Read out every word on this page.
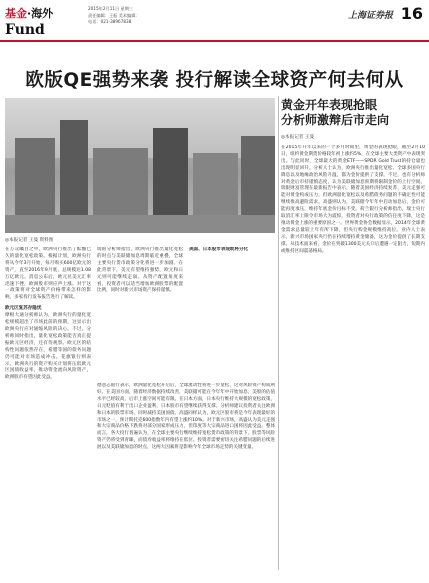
基金·海外
Fund
2015年2月11日 星期三
责任编辑：王振 美术编辑：
电话：021-38967838
上海证券报 16
欧版QE强势来袭 投行解读全球资产何去何从
◎本报记者 王曼 资料图

在万众瞩目之中，欧洲央行推出了酝酿已久的量化宽松政策。根据计划，欧洲央行将从今年3月开始，每月购买600亿欧元的资产，直至2016年9月底，总规模达1.08万亿欧元。消息公布后，欧元兑美元汇率迅速下挫，欧洲股市则应声上涨。对于这一政策将对全球资产价格带来怎样的影响，多家投行发布报告进行了解读。

欧元区复苏存隐忧

摩根大通分析师认为，欧洲央行的量化宽松规模超出了市场此前的预期，这显示出欧洲央行应对通缩风险的决心。不过，分析师同时指出，量化宽松政策能否真正提振欧元区经济，还有待观察。欧元区的结构性问题依然存在，希腊等国的债务问题仍可能对市场造成冲击。花旗银行则表示，欧洲央行的资产购买计划将压低欧元区国债收益率，推动资金流向风险资产，欧洲股市有望因此受益。

瑞银分析师指出，欧洲央行推出量化宽松的时点与美联储加息周期临近重叠，全球主要央行货币政策分化将进一步加剧。在此背景下，美元有望维持强势，欧元和日元则可能继续走弱。从资产配置角度来看，投资者可以适当增加欧洲股票的配置比例，同时对新兴市场资产保持谨慎。

美国、日本股市表现或将分化

德意志银行表示，欧洲量化宽松开启后，全球流动性将进一步宽松，这对风险资产构成利好。在美国方面，随着经济数据持续改善，美联储可能在今年年中开始加息，美股的估值水平已经较高，后市上涨空间可能有限。在日本方面，日本央行维持大规模的宽松政策，日元贬值有利于出口企业盈利，日本股市有望继续获得支撑。分析师建议投资者关注欧洲和日本的股票市场，同时减持美国国债。高盛同样认为，欧元区股市将是今年表现最好的市场之一，预计斯托克600指数年内有望上涨约10%。对于新兴市场，高盛认为美元走强和大宗商品价格下跌将对部分国家形成压力，但印度等大宗商品进口国将因此受益。整体而言，各大投行普遍认为，在全球主要央行继续维持宽松货币政策的背景下，股票等风险资产仍将受到青睐，而债券收益率将维持在低位。投资者需要密切关注希腊问题的后续进展以及美联储加息的时点，这两大因素将是影响今年全球市场走势的关键变量。

黄金开年表现抢眼
分析师激辩后市走向
◎本报记者 王曼

在2015年开年以来的一个多月时间里，黄金的表现抢眼，截至2月10日，纽约黄金期货价格较年初上涨约5%，在全球主要大类资产中表现突出。与此同时，全球最大的黄金ETF——SPDR Gold Trust的持仓量也出现明显回升。分析人士认为，欧洲央行推出量化宽松、全球多国央行降息以及地缘政治风险升温，都为金价提供了支撑。不过，也有分析师对黄金后市持谨慎态度，认为美联储加息预期将限制金价的上行空间。瑞银财富管理在最新报告中表示，随着美国经济持续复苏，美元走强可能对黄金构成压力，但欧洲量化宽松以及希腊债务问题的不确定性可能继续推高避险需求。高盛则认为，美联储今年年中启动加息后，金价可能再度承压，维持年底金价目标不变。荷兰银行分析师指出，瑞士央行取消汇率上限令市场大为震惊，投资者对央行政策的信任度下降，这是推动黄金上涨的重要原因之一。世界黄金协会数据显示，2014年全球黄金需求总量较上年有所下降，但央行购金规模维持高位。业内人士表示，新兴市场国家央行仍在持续增持黄金储备，这为金价提供了长期支撑。从技术面来看，金价在突破1300美元关口后遭遇一定阻力，短期内或维持区间震荡格局。
